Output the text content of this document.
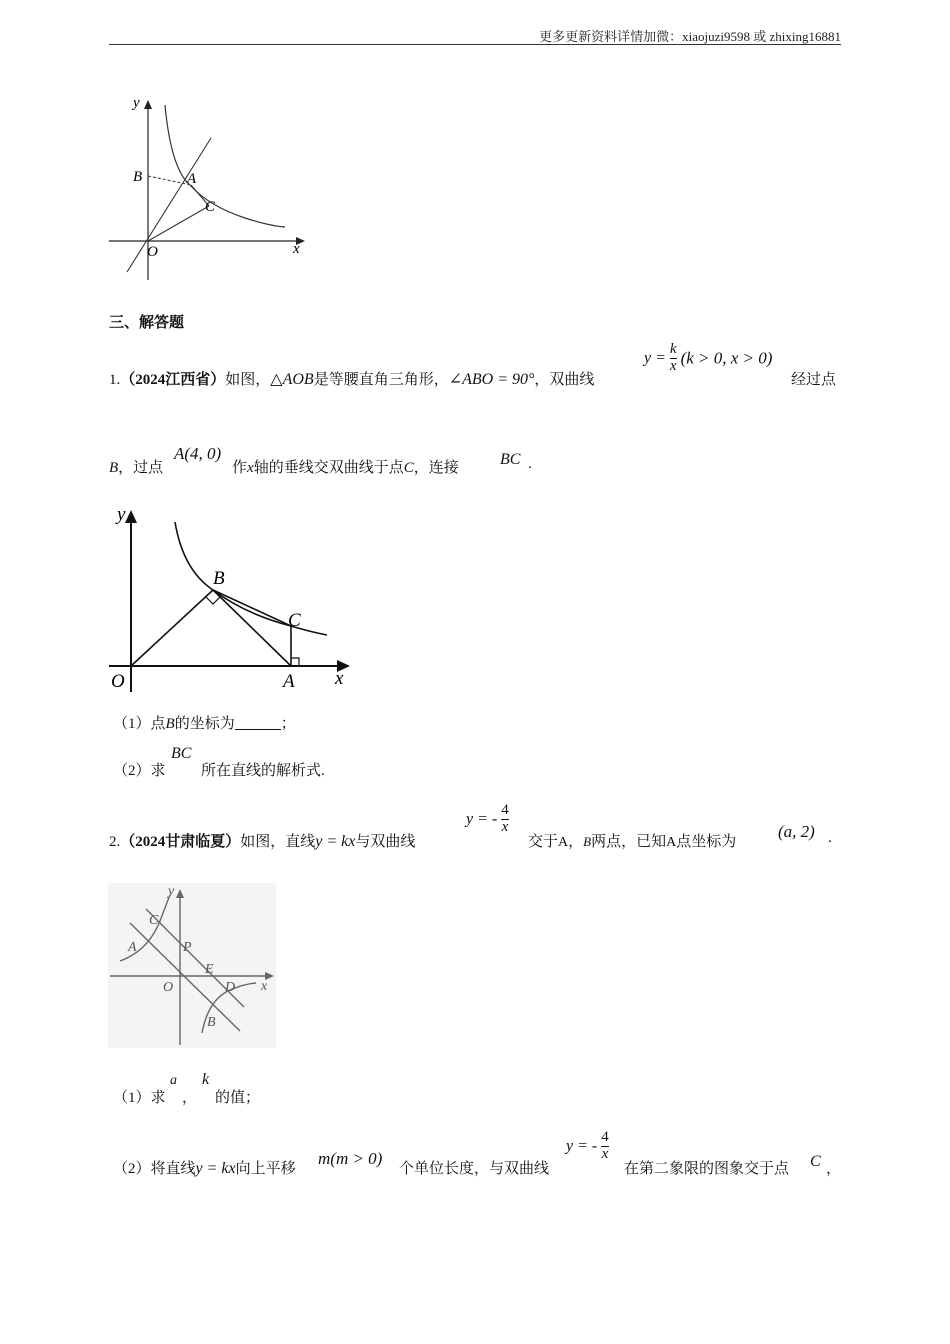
更多更新资料详情加微：xiaojuzi9598 或 zhixing16881
y
x
B	A
C
O
三、解答题
1.（2024江西省）如图，△AOB是等腰直角三角形，∠ABO = 90°，双曲线
$y = \frac{k}{x} (k > 0$, x > 0)
经过点
B，过点
A(4, 0)
作x轴的垂线交双曲线于点C，连接	BC .
y
x
O	A
B
C
（1）点B的坐标为	；
（2）求
BC
所在直线的解析式.
2.（2024甘肃临夏）如图，直线y = kx与双曲线
y = - $\frac{4}{x}$
交于A，B两点，已知A点坐标为
(a, 2) .
y
x
O
A
B
C
D
E
P
（1）求
a
，
k
的值；
（2）将直线y = kx向上平移
m(m > 0)
个单位长度，与双曲线
y = - $\frac{4}{x}$
在第二象限的图象交于点 C ，
